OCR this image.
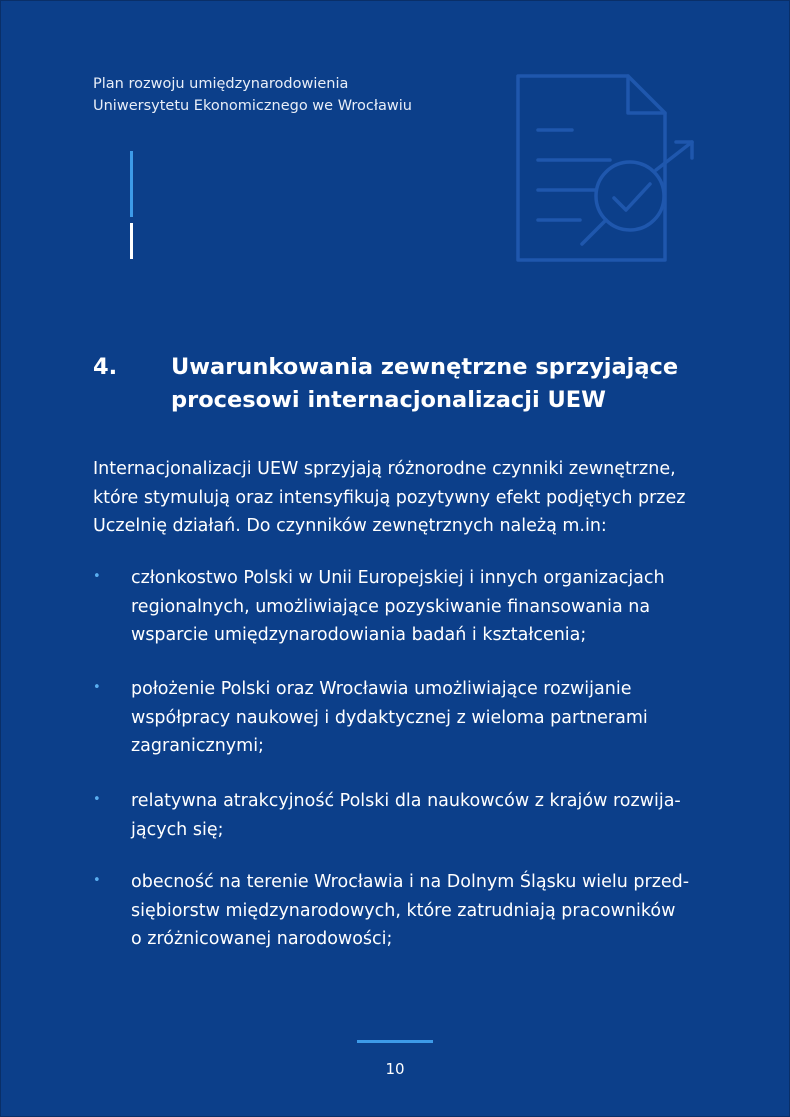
Plan rozwoju umiędzynarodowienia
Uniwersytetu Ekonomicznego we Wrocławiu
4.	Uwarunkowania zewnętrzne sprzyjające
procesowi internacjonalizacji UEW
Internacjonalizacji UEW sprzyjają różnorodne czynniki zewnętrzne,
które stymulują oraz intensyfikują pozytywny efekt podjętych przez
Uczelnię działań. Do czynników zewnętrznych należą m.in:
• członkostwo Polski w Unii Europejskiej i innych organizacjach
regionalnych, umożliwiające pozyskiwanie finansowania na
wsparcie umiędzynarodowiania badań i kształcenia;
• położenie Polski oraz Wrocławia umożliwiające rozwijanie
współpracy naukowej i dydaktycznej z wieloma partnerami
zagranicznymi;
• relatywna atrakcyjność Polski dla naukowców z krajów rozwija-
jących się;
• obecność na terenie Wrocławia i na Dolnym Śląsku wielu przed-
siębiorstw międzynarodowych, które zatrudniają pracowników
o zróżnicowanej narodowości;
10
